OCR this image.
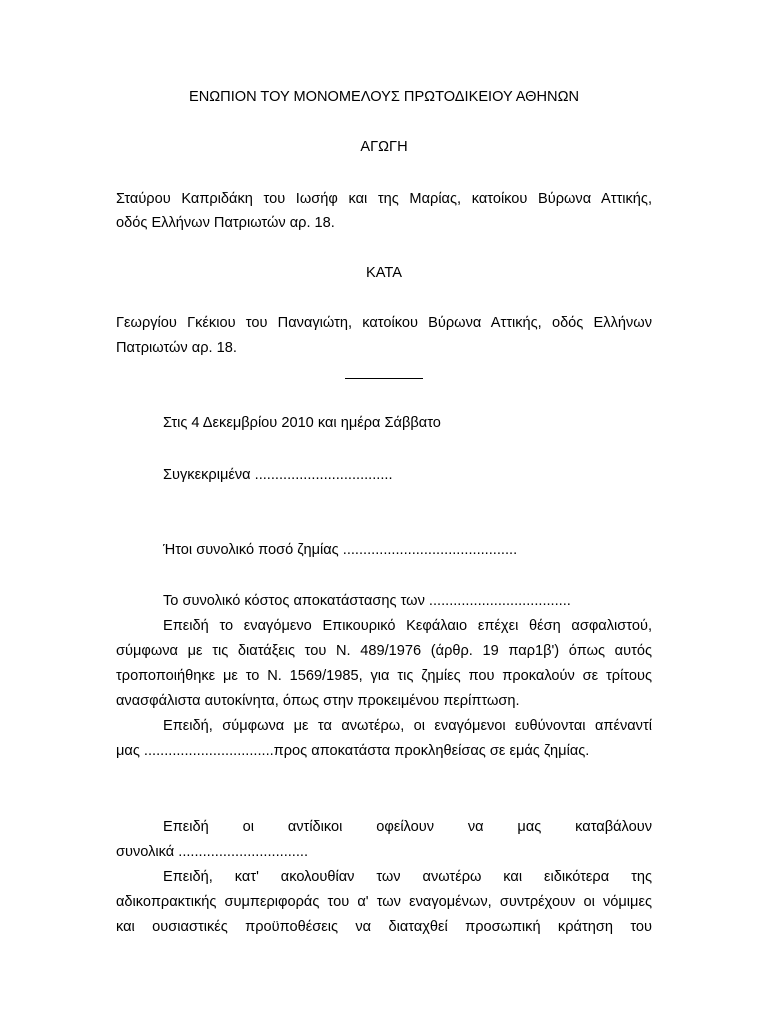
ΕΝΩΠΙΟΝ ΤΟΥ ΜΟΝΟΜΕΛΟΥΣ ΠΡΩΤΟΔΙΚΕΙΟΥ ΑΘΗΝΩΝ
ΑΓΩΓΗ
Σταύρου Καπριδάκη του Ιωσήφ και της Μαρίας, κατοίκου Βύρωνα Αττικής,
οδός Ελλήνων Πατριωτών αρ. 18.
ΚΑΤΑ
Γεωργίου Γκέκιου του Παναγιώτη, κατοίκου Βύρωνα Αττικής, οδός Ελλήνων
Πατριωτών αρ. 18.
Στις 4 Δεκεμβρίου 2010 και ημέρα Σάββατο
Συγκεκριμένα ..................................
Ήτοι συνολικό ποσό ζημίας ...........................................
Το συνολικό κόστος αποκατάστασης των ...................................
Επειδή το εναγόμενο Επικουρικό Κεφάλαιο επέχει θέση ασφαλιστού,
σύμφωνα με τις διατάξεις του Ν. 489/1976 (άρθρ. 19 παρ1β') όπως αυτός
τροποποιήθηκε με το Ν. 1569/1985, για τις ζημίες που προκαλούν σε τρίτους
ανασφάλιστα αυτοκίνητα, όπως στην προκειμένου περίπτωση.
Επειδή, σύμφωνα με τα ανωτέρω, οι εναγόμενοι ευθύνονται απέναντί
μας ................................προς αποκατάστα προκληθείσας σε εμάς ζημίας.
Επειδή οι αντίδικοι οφείλουν να μας καταβάλουν
συνολικά ................................
Επειδή, κατ' ακολουθίαν των ανωτέρω και ειδικότερα της
αδικοπρακτικής συμπεριφοράς του α' των εναγομένων, συντρέχουν οι νόμιμες
και ουσιαστικές προϋποθέσεις να διαταχθεί προσωπική κράτηση του
